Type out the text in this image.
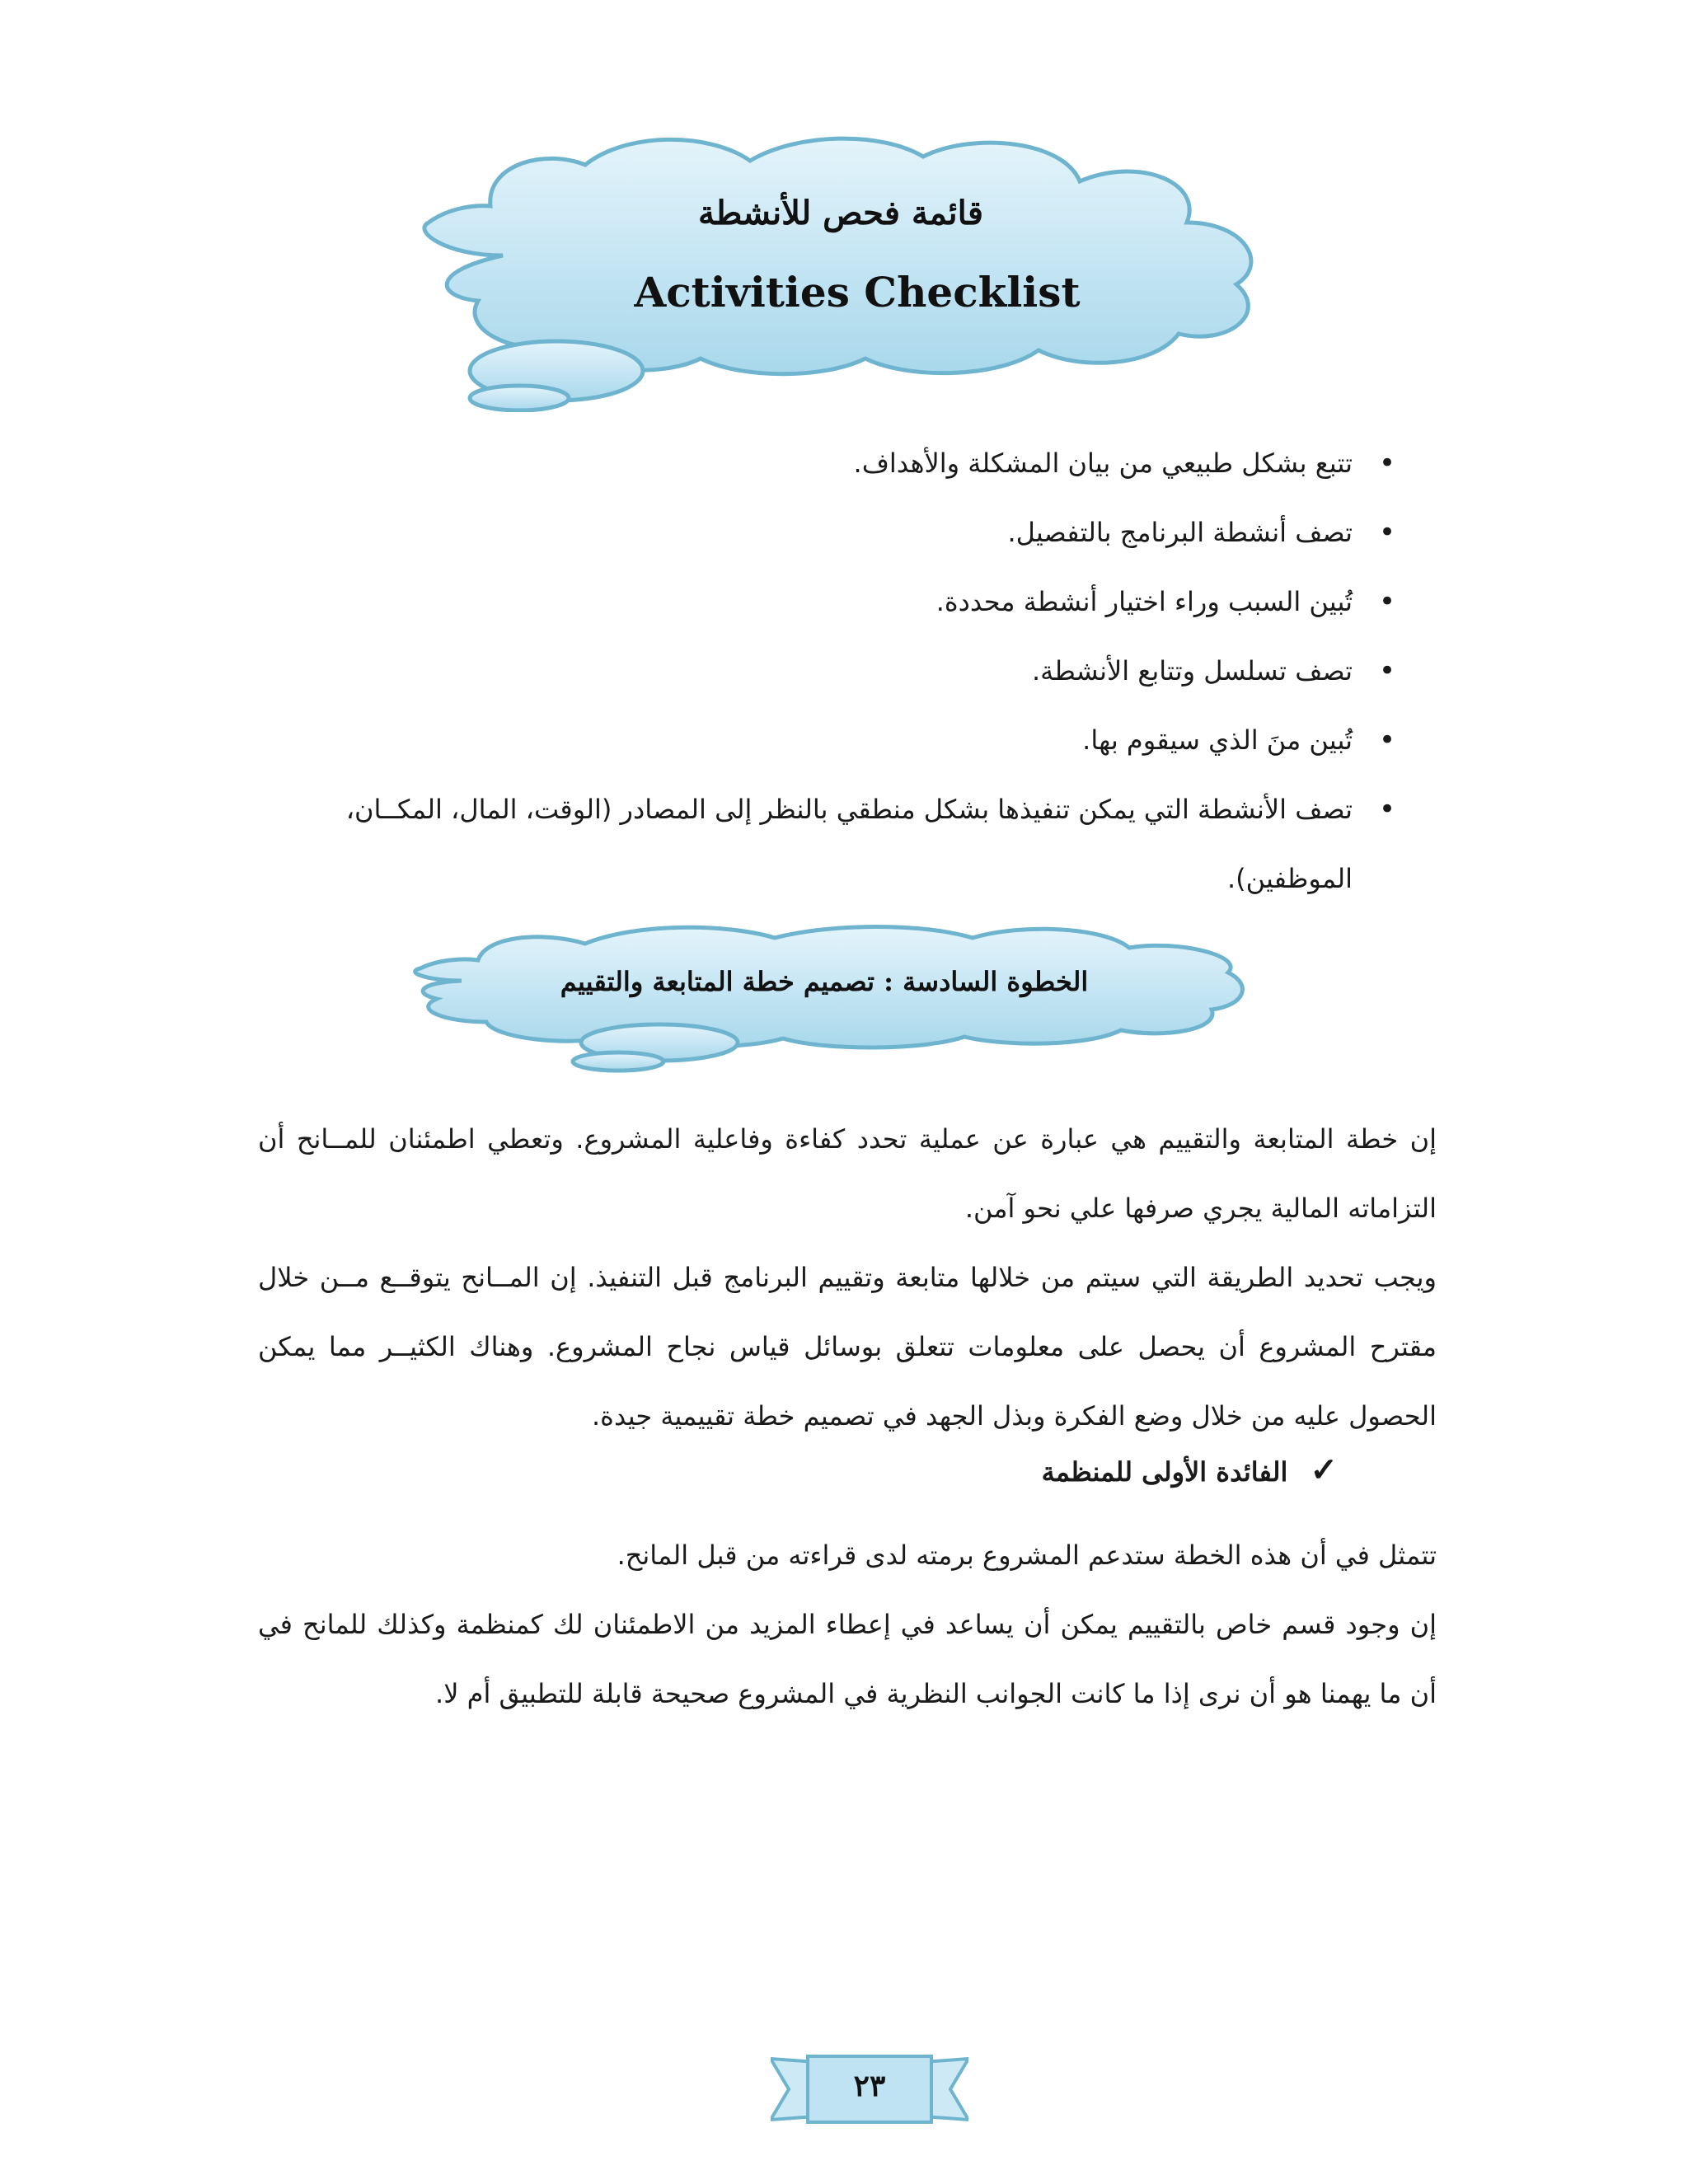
قائمة فحص للأنشطة
Activities Checklist
• تتبع بشكل طبيعي من بيان المشكلة والأهداف.
• تصف أنشطة البرنامج بالتفصيل.
• تُبين السبب وراء اختيار أنشطة محددة.
• تصف تسلسل وتتابع الأنشطة.
• تُبين منَ الذي سيقوم بها.
• تصف الأنشطة التي يمكن تنفيذها بشكل منطقي بالنظر إلى المصادر (الوقت، المال، المكــان، الموظفين).
الخطوة السادسة : تصميم خطة المتابعة والتقييم

إن خطة المتابعة والتقييم هي عبارة عن عملية تحدد كفاءة وفاعلية المشروع. وتعطي اطمئنان للمــانح أن التزاماته المالية يجري صرفها علي نحو آمن.

ويجب تحديد الطريقة التي سيتم من خلالها متابعة وتقييم البرنامج قبل التنفيذ. إن المــانح يتوقــع مــن خلال مقترح المشروع أن يحصل على معلومات تتعلق بوسائل قياس نجاح المشروع. وهناك الكثيــر مما يمكن الحصول عليه من خلال وضع الفكرة وبذل الجهد في تصميم خطة تقييمية جيدة.

✓ الفائدة الأولى للمنظمة

تتمثل في أن هذه الخطة ستدعم المشروع برمته لدى قراءته من قبل المانح.

إن وجود قسم خاص بالتقييم يمكن أن يساعد في إعطاء المزيد من الاطمئنان لك كمنظمة وكذلك للمانح في أن ما يهمنا هو أن نرى إذا ما كانت الجوانب النظرية في المشروع صحيحة قابلة للتطبيق أم لا.

٢٣
